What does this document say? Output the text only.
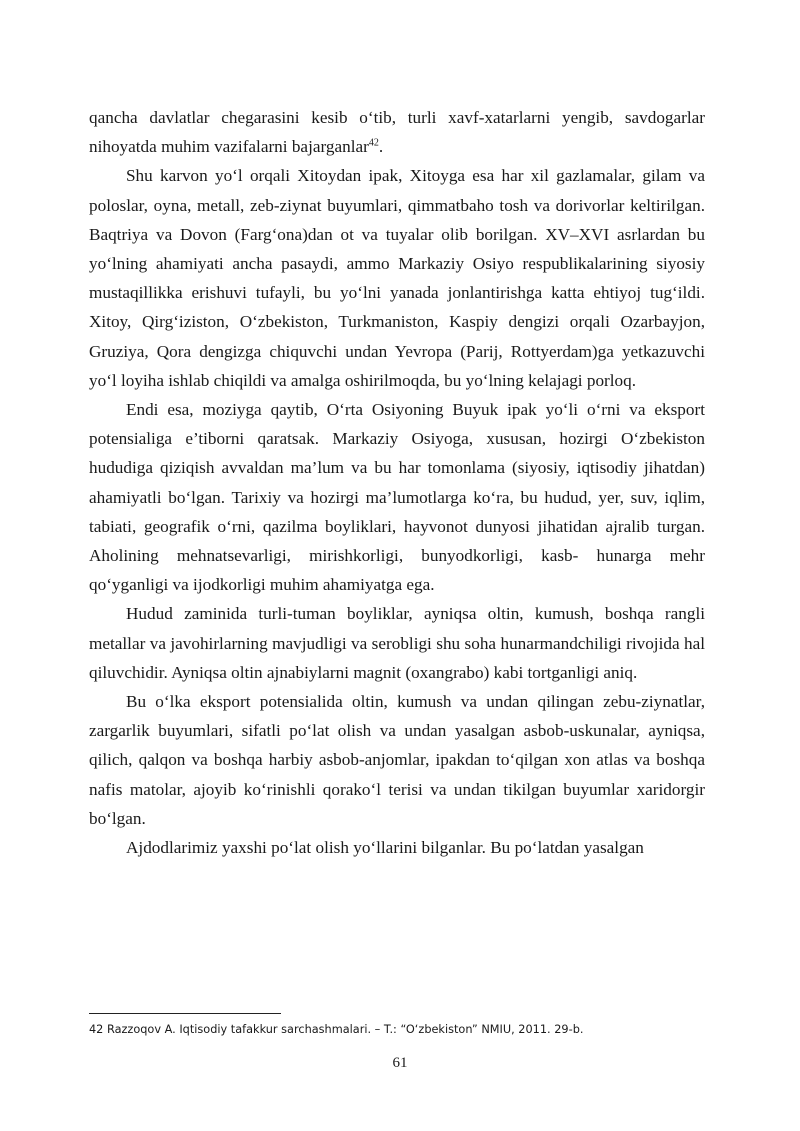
qancha davlatlar chegarasini kesib o‘tib, turli xavf-xatarlarni yengib, savdogarlar nihoyatda muhim vazifalarni bajarganlar$^{42}$.

Shu karvon yo‘l orqali Xitoydan ipak, Xitoyga esa har xil gazlamalar, gilam va poloslar, oyna, metall, zeb-ziynat buyumlari, qimmatbaho tosh va dorivorlar keltirilgan. Baqtriya va Dovon (Farg‘ona)dan ot va tuyalar olib borilgan. XV–XVI asrlardan bu yo‘lning ahamiyati ancha pasaydi, ammo Markaziy Osiyo respublikalarining siyosiy mustaqillikka erishuvi tufayli, bu yo‘lni yanada jonlantirishga katta ehtiyoj tug‘ildi. Xitoy, Qirg‘iziston, O‘zbekiston, Turkmaniston, Kaspiy dengizi orqali Ozarbayjon, Gruziya, Qora dengizga chiquvchi undan Yevropa (Parij, Rottyerdam)ga yetkazuvchi yo‘l loyiha ishlab chiqildi va amalga oshirilmoqda, bu yo‘lning kelajagi porloq.

Endi esa, moziyga qaytib, O‘rta Osiyoning Buyuk ipak yo‘li o‘rni va eksport potensialiga e’tiborni qaratsak. Markaziy Osiyoga, xususan, hozirgi O‘zbekiston hududiga qiziqish avvaldan ma’lum va bu har tomonlama (siyosiy, iqtisodiy jihatdan) ahamiyatli bo‘lgan. Tarixiy va hozirgi ma’lumotlarga ko‘ra, bu hudud, yer, suv, iqlim, tabiati, geografik o‘rni, qazilma boyliklari, hayvonot dunyosi jihatidan ajralib turgan. Aholining mehnatsevarligi, mirishkorligi, bunyodkorligi, kasb- hunarga mehr qo‘yganligi va ijodkorligi muhim ahamiyatga ega.

Hudud zaminida turli-tuman boyliklar, ayniqsa oltin, kumush, boshqa rangli metallar va javohirlarning mavjudligi va serobligi shu soha hunarmandchiligi rivojida hal qiluvchidir. Ayniqsa oltin ajnabiylarni magnit (oxangrabo) kabi tortganligi aniq.

Bu o‘lka eksport potensialida oltin, kumush va undan qilingan zebu-ziynatlar, zargarlik buyumlari, sifatli po‘lat olish va undan yasalgan asbob-uskunalar, ayniqsa, qilich, qalqon va boshqa harbiy asbob-anjomlar, ipakdan to‘qilgan xon atlas va boshqa nafis matolar, ajoyib ko‘rinishli qorako‘l terisi va undan tikilgan buyumlar xaridorgir bo‘lgan.

Ajdodlarimiz yaxshi po‘lat olish yo‘llarini bilganlar. Bu po‘latdan yasalgan

42 Razzoqov A. Iqtisodiy tafakkur sarchashmalari. – T.: “O‘zbekiston” NMIU, 2011. 29-b.
61
